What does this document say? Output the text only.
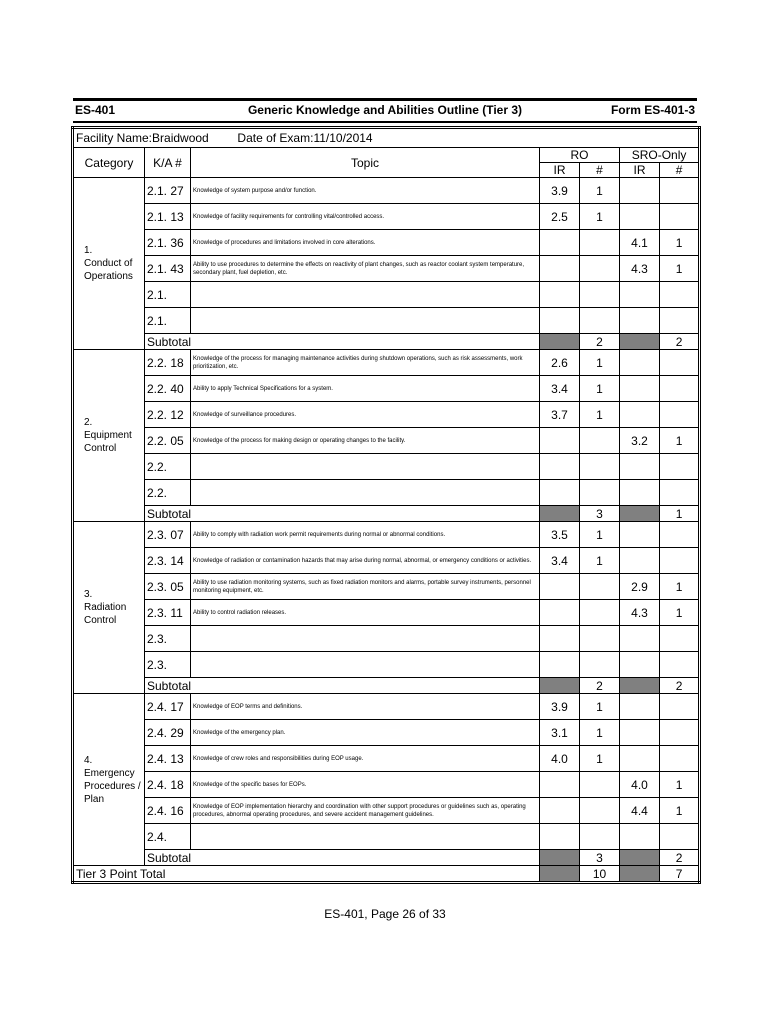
ES-401	Generic Knowledge and Abilities Outline (Tier 3)	Form ES-401-3
Facility Name:Braidwood Date of Exam:11/10/2014						
Category	K/A #	Topic	RO		SRO-Only	
			IR	#	IR	#
1.
Conduct of
Operations	2.1. 27	Knowledge of system purpose and/or function.	3.9	1		
	2.1. 13	Knowledge of facility requirements for controlling vital/controlled access.	2.5	1		
	2.1. 36	Knowledge of procedures and limitations involved in core alterations.			4.1	1
	2.1. 43	Ability to use procedures to determine the effects on reactivity of plant changes, such as reactor coolant system temperature, secondary plant, fuel depletion, etc.			4.3	1
	2.1.					
	2.1.					
	Subtotal			2		2
2.
Equipment
Control	2.2. 18	Knowledge of the process for managing maintenance activities during shutdown operations, such as risk assessments, work prioritization, etc.	2.6	1		
	2.2. 40	Ability to apply Technical Specifications for a system.	3.4	1		
	2.2. 12	Knowledge of surveillance procedures.	3.7	1		
	2.2. 05	Knowledge of the process for making design or operating changes to the facility.			3.2	1
	2.2.					
	2.2.					
	Subtotal			3		1
3.
Radiation
Control	2.3. 07	Ability to comply with radiation work permit requirements during normal or abnormal conditions.	3.5	1		
	2.3. 14	Knowledge of radiation or contamination hazards that may arise during normal, abnormal, or emergency conditions or activities.	3.4	1		
	2.3. 05	Ability to use radiation monitoring systems, such as fixed radiation monitors and alarms, portable survey instruments, personnel monitoring equipment, etc.			2.9	1
	2.3. 11	Ability to control radiation releases.			4.3	1
	2.3.					
	2.3.					
	Subtotal			2		2
4.
Emergency
Procedures /
Plan	2.4. 17	Knowledge of EOP terms and definitions.	3.9	1		
	2.4. 29	Knowledge of the emergency plan.	3.1	1		
	2.4. 13	Knowledge of crew roles and responsibilities during EOP usage.	4.0	1		
	2.4. 18	Knowledge of the specific bases for EOPs.			4.0	1
	2.4. 16	Knowledge of EOP implementation hierarchy and coordination with other support procedures or guidelines such as, operating procedures, abnormal operating procedures, and severe accident management guidelines.			4.4	1
	2.4.					
	Subtotal			3		2
Tier 3 Point Total				10		7
ES-401, Page 26 of 33
